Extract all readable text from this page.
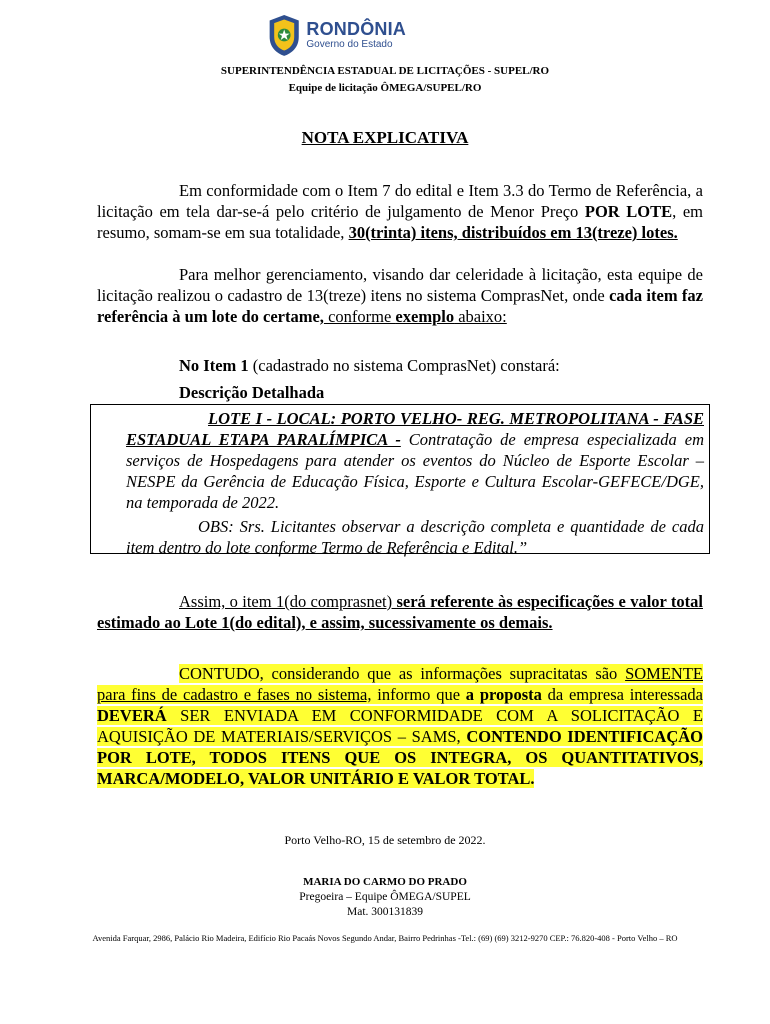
RONDÔNIA
Governo do Estado
SUPERINTENDÊNCIA ESTADUAL DE LICITAÇÕES - SUPEL/RO
Equipe de licitação ÔMEGA/SUPEL/RO
NOTA EXPLICATIVA

Em conformidade com o Item 7 do edital e Item 3.3 do Termo de Referência, a licitação em tela dar-se-á pelo critério de julgamento de Menor Preço POR LOTE, em resumo, somam-se em sua totalidade, 30(trinta) itens, distribuídos em 13(treze) lotes.

Para melhor gerenciamento, visando dar celeridade à licitação, esta equipe de licitação realizou o cadastro de 13(treze) itens no sistema ComprasNet, onde cada item faz referência à um lote do certame, conforme exemplo abaixo:

No Item 1 (cadastrado no sistema ComprasNet) constará:

Descrição Detalhada

LOTE I - LOCAL: PORTO VELHO- REG. METROPOLITANA - FASE ESTADUAL ETAPA PARALÍMPICA - Contratação de empresa especializada em serviços de Hospedagens para atender os eventos do Núcleo de Esporte Escolar – NESPE da Gerência de Educação Física, Esporte e Cultura Escolar-GEFECE/DGE, na temporada de 2022.

OBS: Srs. Licitantes observar a descrição completa e quantidade de cada item dentro do lote conforme Termo de Referência e Edital.”

Assim, o item 1(do comprasnet) será referente às especificações e valor total estimado ao Lote 1(do edital), e assim, sucessivamente os demais.

CONTUDO, considerando que as informações supracitatas são SOMENTE para fins de cadastro e fases no sistema, informo que a proposta da empresa interessada DEVERÁ SER ENVIADA EM CONFORMIDADE COM A SOLICITAÇÃO E AQUISIÇÃO DE MATERIAIS/SERVIÇOS – SAMS, CONTENDO IDENTIFICAÇÃO POR LOTE, TODOS ITENS QUE OS INTEGRA, OS QUANTITATIVOS, MARCA/MODELO, VALOR UNITÁRIO E VALOR TOTAL.

Porto Velho-RO, 15 de setembro de 2022.
MARIA DO CARMO DO PRADO
Pregoeira – Equipe ÔMEGA/SUPEL
Mat. 300131839
Avenida Farquar, 2986, Palácio Rio Madeira, Edifício Rio Pacaás Novos Segundo Andar, Bairro Pedrinhas -Tel.: (69) (69) 3212-9270 CEP.: 76.820-408 - Porto Velho – RO
